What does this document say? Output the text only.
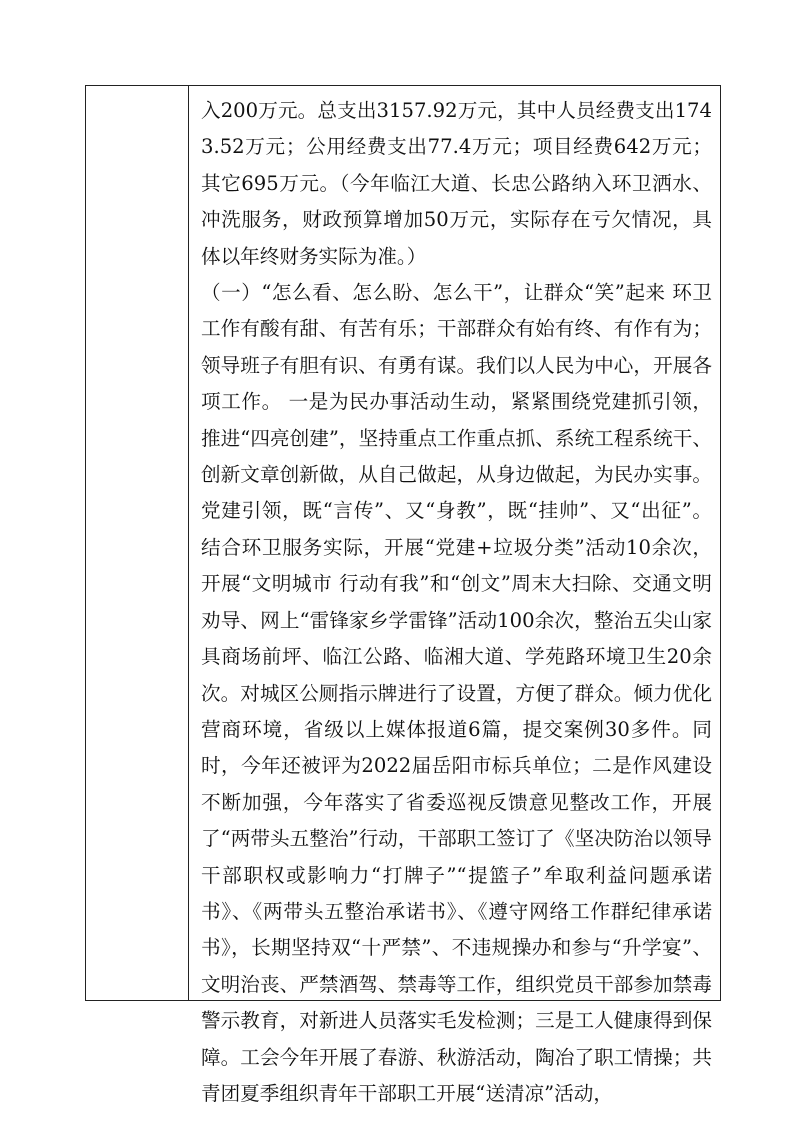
入200万元。总支出3157.92万元，其中人员经费支出1743.52万元；公用经费支出77.4万元；项目经费642万元；其它695万元。（今年临江大道、长忠公路纳入环卫洒水、冲洗服务，财政预算增加50万元，实际存在亏欠情况，具体以年终财务实际为准。）

（一）“怎么看、怎么盼、怎么干”，让群众“笑”起来 环卫工作有酸有甜、有苦有乐；干部群众有始有终、有作有为；领导班子有胆有识、有勇有谋。我们以人民为中心，开展各项工作。 一是为民办事活动生动，紧紧围绕党建抓引领，推进“四亮创建”，坚持重点工作重点抓、系统工程系统干、创新文章创新做，从自己做起，从身边做起，为民办实事。党建引领，既“言传”、又“身教”，既“挂帅”、又“出征”。结合环卫服务实际，开展“党建+垃圾分类”活动10余次，开展“文明城市 行动有我”和“创文”周末大扫除、交通文明劝导、网上“雷锋家乡学雷锋”活动100余次，整治五尖山家具商场前坪、临江公路、临湘大道、学苑路环境卫生20余次。对城区公厕指示牌进行了设置，方便了群众。倾力优化营商环境，省级以上媒体报道6篇，提交案例30多件。同时，今年还被评为2022届岳阳市标兵单位；二是作风建设不断加强，今年落实了省委巡视反馈意见整改工作，开展了“两带头五整治”行动，干部职工签订了《坚决防治以领导干部职权或影响力“打牌子”“提篮子”牟取利益问题承诺书》、《两带头五整治承诺书》、《遵守网络工作群纪律承诺书》，长期坚持双“十严禁”、不违规操办和参与“升学宴”、文明治丧、严禁酒驾、禁毒等工作，组织党员干部参加禁毒警示教育，对新进人员落实毛发检测；三是工人健康得到保障。工会今年开展了春游、秋游活动，陶冶了职工情操；共青团夏季组织青年干部职工开展“送清凉”活动，
